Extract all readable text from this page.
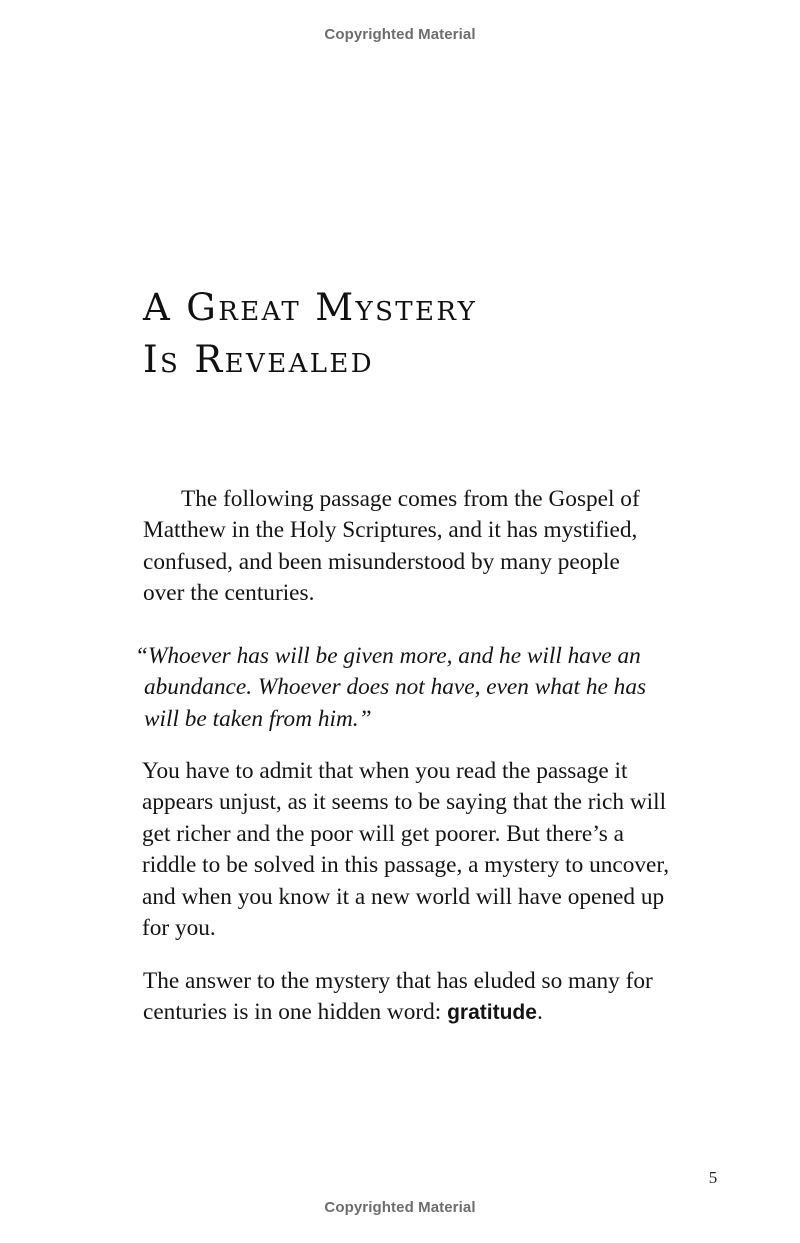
Copyrighted Material
A Great Mystery
Is Revealed

The following passage comes from the Gospel of
Matthew in the Holy Scriptures, and it has mystified,
confused, and been misunderstood by many people
over the centuries.

“Whoever has will be given more, and he will have an
abundance. Whoever does not have, even what he has
will be taken from him.”

You have to admit that when you read the passage it
appears unjust, as it seems to be saying that the rich will
get richer and the poor will get poorer. But there’s a
riddle to be solved in this passage, a mystery to uncover,
and when you know it a new world will have opened up
for you.

The answer to the mystery that has eluded so many for
centuries is in one hidden word: gratitude.

5
Copyrighted Material
